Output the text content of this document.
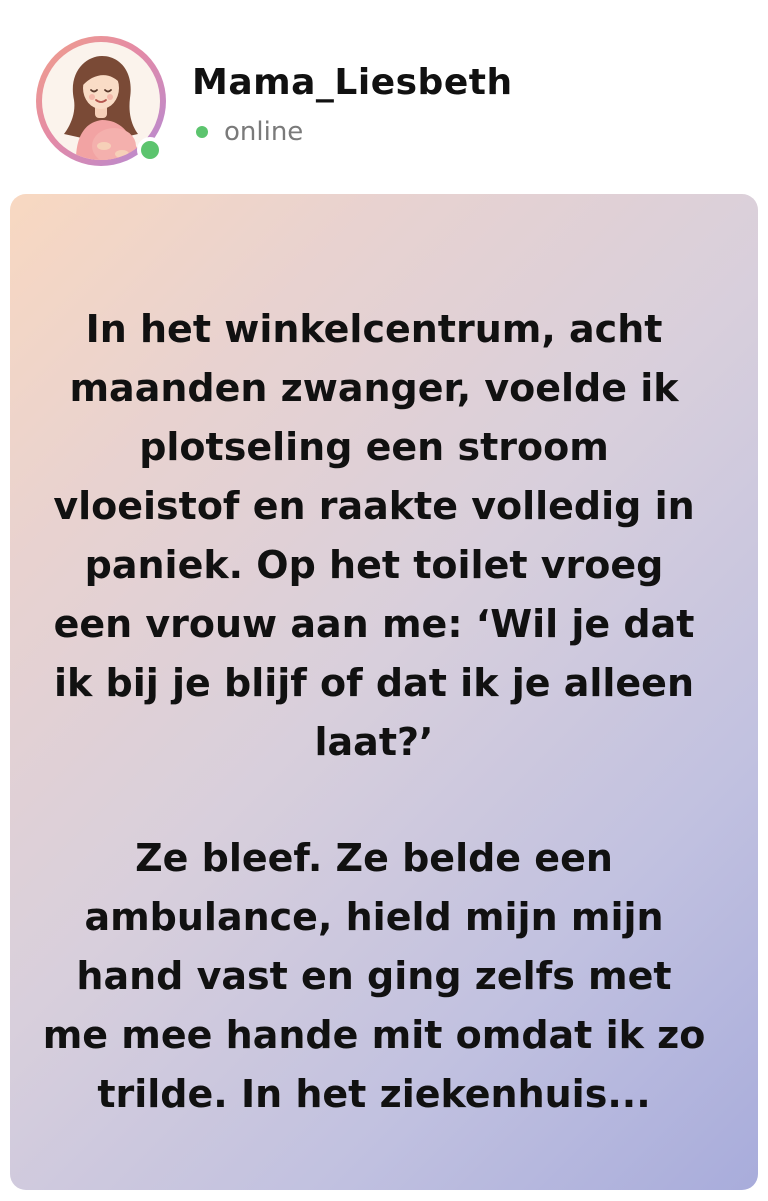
Mama_Liesbeth
online

In het winkelcentrum, acht maanden zwanger, voelde ik plotseling een stroom vloeistof en raakte volledig in paniek. Op het toilet vroeg een vrouw aan me: ‘Wil je dat ik bij je blijf of dat ik je alleen laat?’

Ze bleef. Ze belde een ambulance, hield mijn mijn hand vast en ging zelfs met me mee hande mit omdat ik zo trilde. In het ziekenhuis...
